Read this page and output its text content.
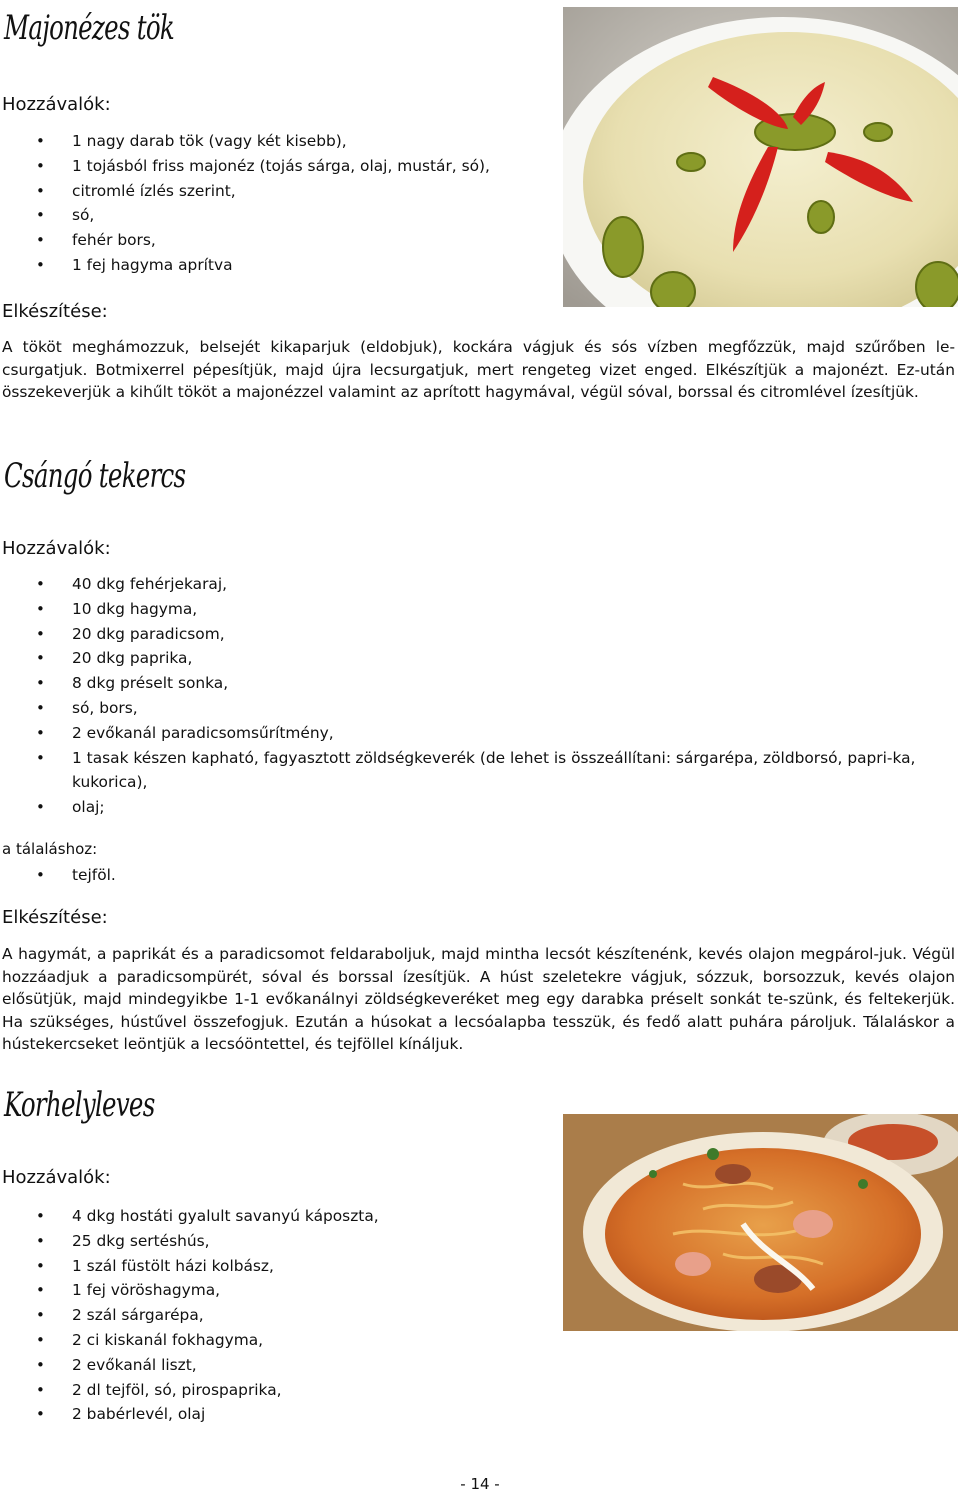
Majonézes tök
Hozzávalók:
• 1 nagy darab tök (vagy két kisebb),
• 1 tojásból friss majonéz (tojás sárga, olaj, mustár, só),
• citromlé ízlés szerint,
• só,
• fehér bors,
• 1 fej hagyma aprítva
Elkészítése:

A tököt meghámozzuk, belsejét kikaparjuk (eldobjuk), kockára vágjuk és sós vízben megfőzzük, majd szűrőben le-csurgatjuk. Botmixerrel pépesítjük, majd újra lecsurgatjuk, mert rengeteg vizet enged. Elkészítjük a majonézt. Ez-után összekeverjük a kihűlt tököt a majonézzel valamint az aprított hagymával, végül sóval, borssal és citromlével ízesítjük.

Csángó tekercs
Hozzávalók:
• 40 dkg fehérjekaraj,
• 10 dkg hagyma,
• 20 dkg paradicsom,
• 20 dkg paprika,
• 8 dkg préselt sonka,
• só, bors,
• 2 evőkanál paradicsomsűrítmény,
• 1 tasak készen kapható, fagyasztott zöldségkeverék (de lehet is összeállítani: sárgarépa, zöldborsó, papri-ka, kukorica),
• olaj;

a tálaláshoz:

• tejföl.
Elkészítése:

A hagymát, a paprikát és a paradicsomot feldaraboljuk, majd mintha lecsót készítenénk, kevés olajon megpárol-juk. Végül hozzáadjuk a paradicsompürét, sóval és borssal ízesítjük. A húst szeletekre vágjuk, sózzuk, borsozzuk, kevés olajon elősütjük, majd mindegyikbe 1-1 evőkanálnyi zöldségkeveréket meg egy darabka préselt sonkát te-szünk, és feltekerjük. Ha szükséges, hústűvel összefogjuk. Ezután a húsokat a lecsóalapba tesszük, és fedő alatt puhára pároljuk. Tálaláskor a hústekercseket leöntjük a lecsóöntettel, és tejföllel kínáljuk.

Korhelyleves
Hozzávalók:
• 4 dkg hostáti gyalult savanyú káposzta,
• 25 dkg sertéshús,
• 1 szál füstölt házi kolbász,
• 1 fej vöröshagyma,
• 2 szál sárgarépa,
• 2 ci kiskanál fokhagyma,
• 2 evőkanál liszt,
• 2 dl tejföl, só, pirospaprika,
• 2 babérlevél, olaj
- 14 -
